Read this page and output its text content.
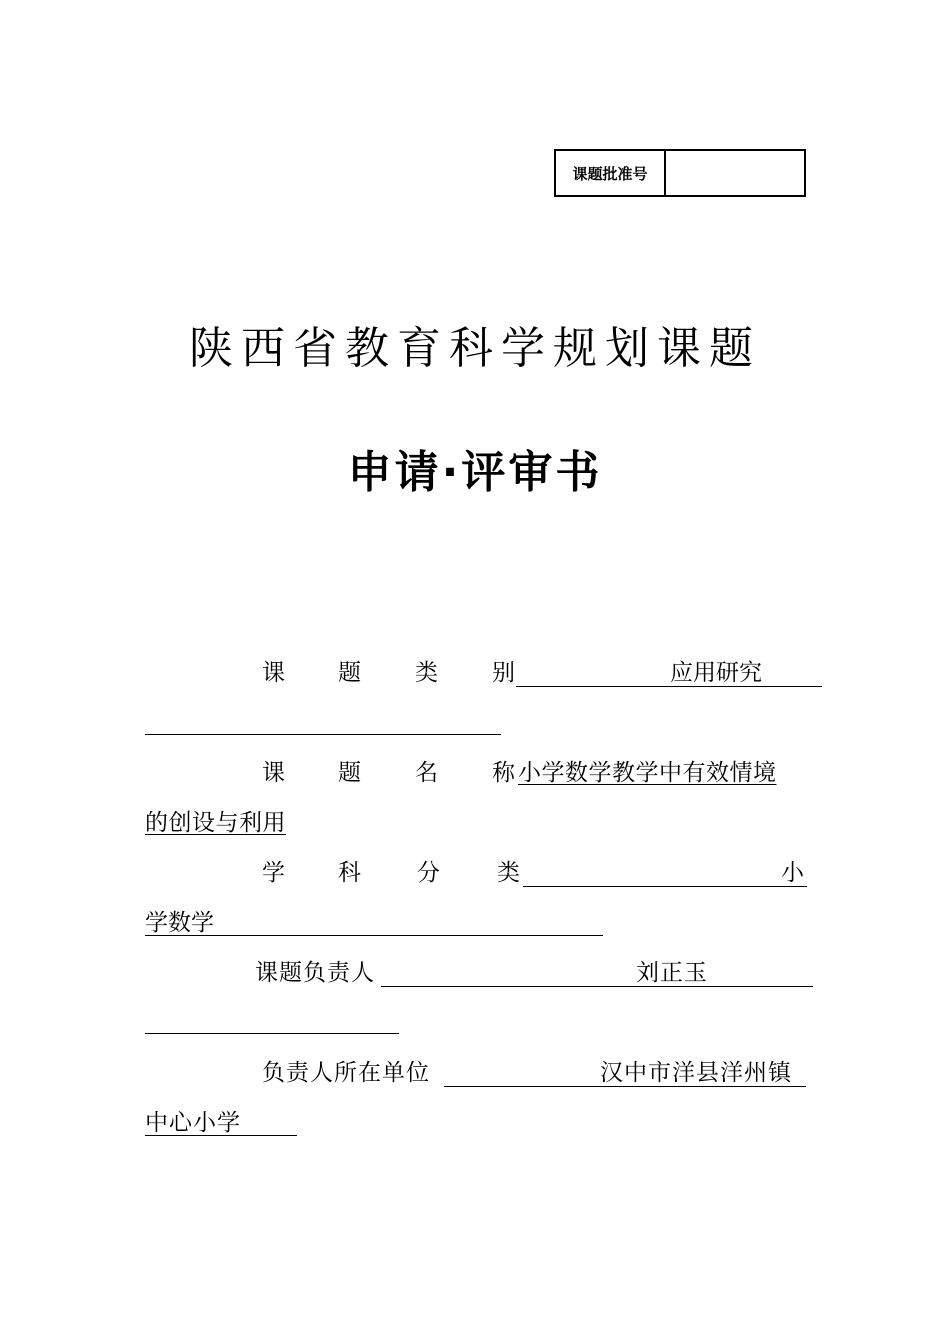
课题批准号
陕西省教育科学规划课题
申请·评审书
课 题 类 别	应用研究
课 题 名 称 小学数学教学中有效情境
的创设与利用
学 科 分 类	小
学数学
课题负责人	刘正玉
负责人所在单位	汉中市洋县洋州镇
中心小学
